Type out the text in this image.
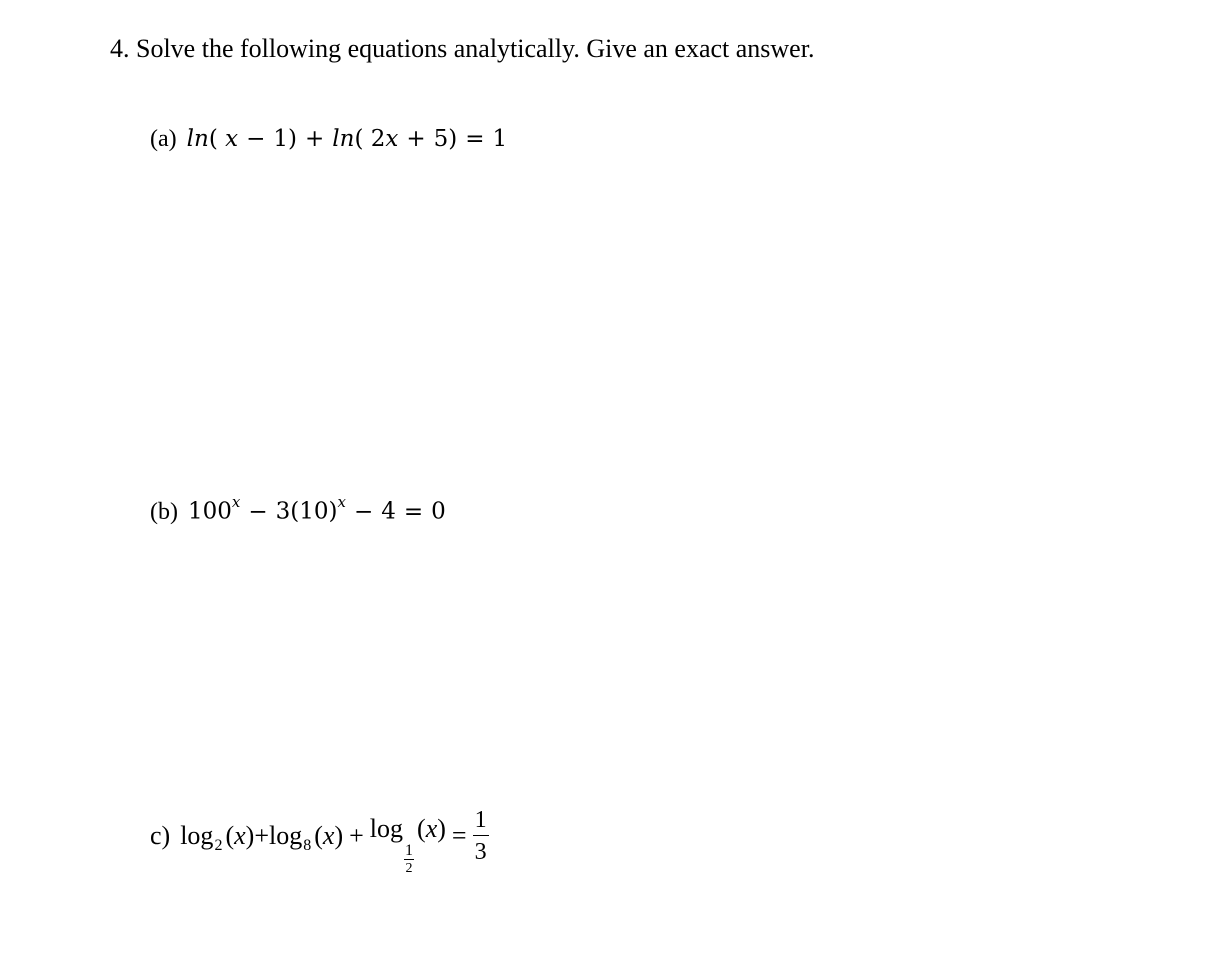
4. Solve the following equations analytically. Give an exact answer.
(a) ln( x − 1) + ln( 2x + 5) = 1
(b) $100^x - 3(10)^x - 4 = 0$
c) log 2 (x) + log 8 (x) + log
$\frac{1}{2}$
$(x) = \frac{1}{3}$
